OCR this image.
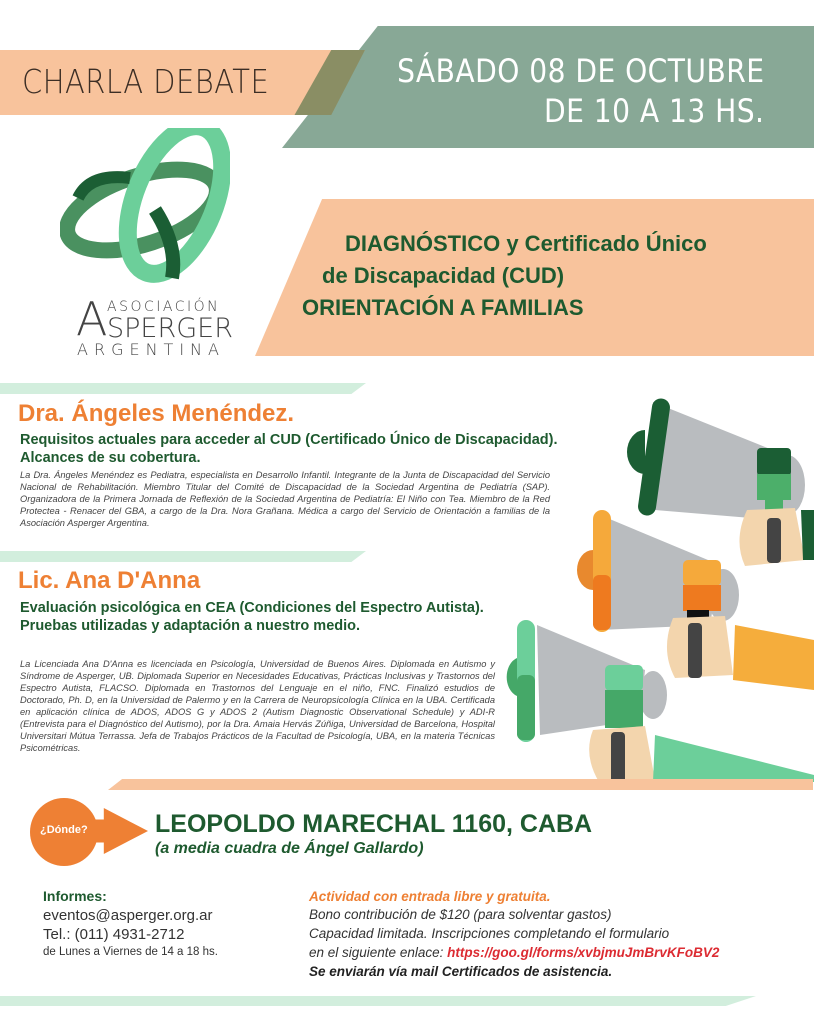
CHARLA DEBATE	SÁBADO 08 DE OCTUBRE
DE 10 A 13 HS.
A ASOCIACIÓN
SPERGER
ARGENTINA
DIAGNÓSTICO y Certificado Único
de Discapacidad (CUD)
ORIENTACIÓN A FAMILIAS
Dra. Ángeles Menéndez.
Requisitos actuales para acceder al CUD (Certificado Único de Discapacidad). Alcances de su cobertura.
La Dra. Ángeles Menéndez es Pediatra, especialista en Desarrollo Infantil. Integrante de la Junta de Discapacidad del Servicio Nacional de Rehabilitación. Miembro Titular del Comité de Discapacidad de la Sociedad Argentina de Pediatría (SAP). Organizadora de la Primera Jornada de Reflexión de la Sociedad Argentina de Pediatría: El Niño con Tea. Miembro de la Red Protectea - Renacer del GBA, a cargo de la Dra. Nora Grañana. Médica a cargo del Servicio de Orientación a familias de la Asociación Asperger Argentina.
Lic. Ana D'Anna
Evaluación psicológica en CEA (Condiciones del Espectro Autista). Pruebas utilizadas y adaptación a nuestro medio.
La Licenciada Ana D'Anna es licenciada en Psicología, Universidad de Buenos Aires. Diplomada en Autismo y Síndrome de Asperger, UB. Diplomada Superior en Necesidades Educativas, Prácticas Inclusivas y Trastornos del Espectro Autista, FLACSO. Diplomada en Trastornos del Lenguaje en el niño, FNC. Finalizó estudios de Doctorado, Ph. D, en la Universidad de Palermo y en la Carrera de Neuropsicología Clínica en la UBA. Certificada en aplicación clínica de ADOS, ADOS G y ADOS 2 (Autism Diagnostic Observational Schedule) y ADI-R (Entrevista para el Diagnóstico del Autismo), por la Dra. Amaia Hervás Zúñiga, Universidad de Barcelona, Hospital Universitari Mútua Terrassa. Jefa de Trabajos Prácticos de la Facultad de Psicología, UBA, en la materia Técnicas Psicométricas.
¿Dónde?	LEOPOLDO MARECHAL 1160, CABA
(a media cuadra de Ángel Gallardo)
Informes:
eventos@asperger.org.ar
Tel.: (011) 4931-2712
de Lunes a Viernes de 14 a 18 hs.
Actividad con entrada libre y gratuita.
Bono contribución de $120 (para solventar gastos)
Capacidad limitada. Inscripciones completando el formulario
en el siguiente enlace: https://goo.gl/forms/xvbjmuJmBrvKFoBV2
Se enviarán vía mail Certificados de asistencia.
